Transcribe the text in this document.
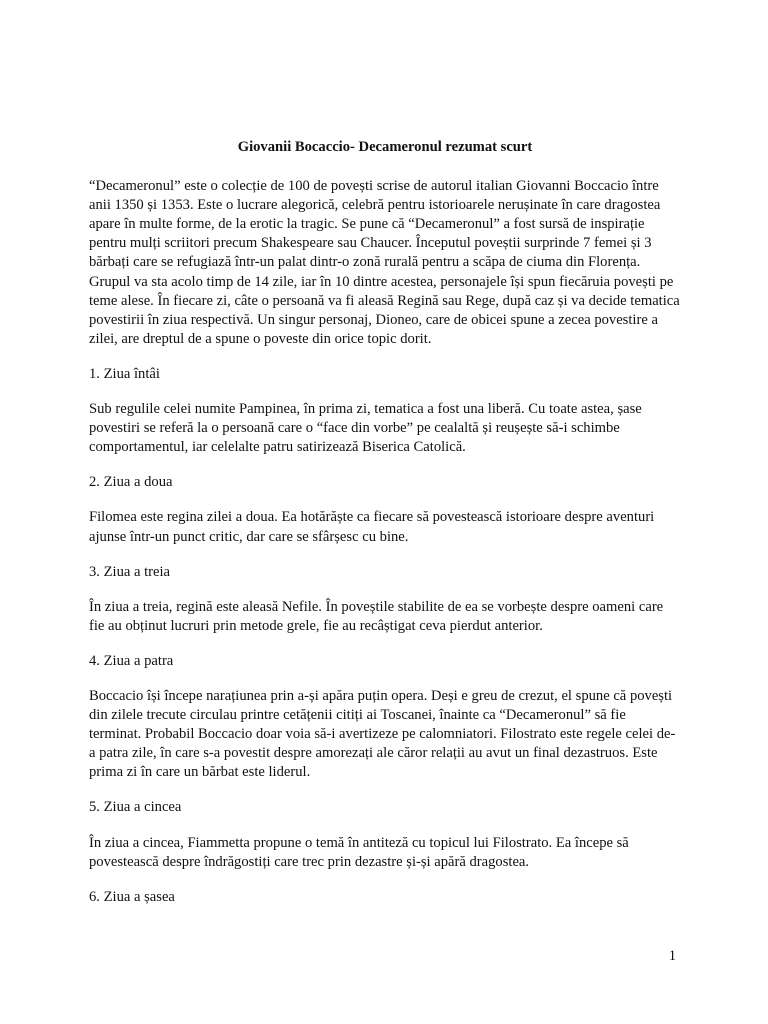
Giovanii Bocaccio- Decameronul rezumat scurt

“Decameronul” este o colecție de 100 de povești scrise de autorul italian Giovanni Boccacio între anii 1350 și 1353. Este o lucrare alegorică, celebră pentru istorioarele nerușinate în care dragostea apare în multe forme, de la erotic la tragic. Se pune că “Decameronul” a fost sursă de inspirație pentru mulți scriitori precum Shakespeare sau Chaucer. Începutul poveștii surprinde 7 femei și 3 bărbați care se refugiază într-un palat dintr-o zonă rurală pentru a scăpa de ciuma din Florența. Grupul va sta acolo timp de 14 zile, iar în 10 dintre acestea, personajele își spun fiecăruia povești pe teme alese. În fiecare zi, câte o persoană va fi aleasă Regină sau Rege, după caz și va decide tematica povestirii în ziua respectivă. Un singur personaj, Dioneo, care de obicei spune a zecea povestire a zilei, are dreptul de a spune o poveste din orice topic dorit.

1. Ziua întâi

Sub regulile celei numite Pampinea, în prima zi, tematica a fost una liberă. Cu toate astea, șase povestiri se referă la o persoană care o “face din vorbe” pe cealaltă și reușește să-i schimbe comportamentul, iar celelalte patru satirizează Biserica Catolică.

2. Ziua a doua

Filomea este regina zilei a doua. Ea hotărăște ca fiecare să povestească istorioare despre aventuri ajunse într-un punct critic, dar care se sfârșesc cu bine.

3. Ziua a treia

În ziua a treia, regină este aleasă Nefile. În poveștile stabilite de ea se vorbește despre oameni care fie au obținut lucruri prin metode grele, fie au recâștigat ceva pierdut anterior.

4. Ziua a patra

Boccacio își începe narațiunea prin a-și apăra puțin opera. Deși e greu de crezut, el spune că povești din zilele trecute circulau printre cetățenii citiți ai Toscanei, înainte ca “Decameronul” să fie terminat. Probabil Boccacio doar voia să-i avertizeze pe calomniatori. Filostrato este regele celei de-a patra zile, în care s-a povestit despre amorezați ale căror relații au avut un final dezastruos. Este prima zi în care un bărbat este liderul.

5. Ziua a cincea

În ziua a cincea, Fiammetta propune o temă în antiteză cu topicul lui Filostrato. Ea începe să povestească despre îndrăgostiți care trec prin dezastre și-și apără dragostea.

6. Ziua a șasea
1
